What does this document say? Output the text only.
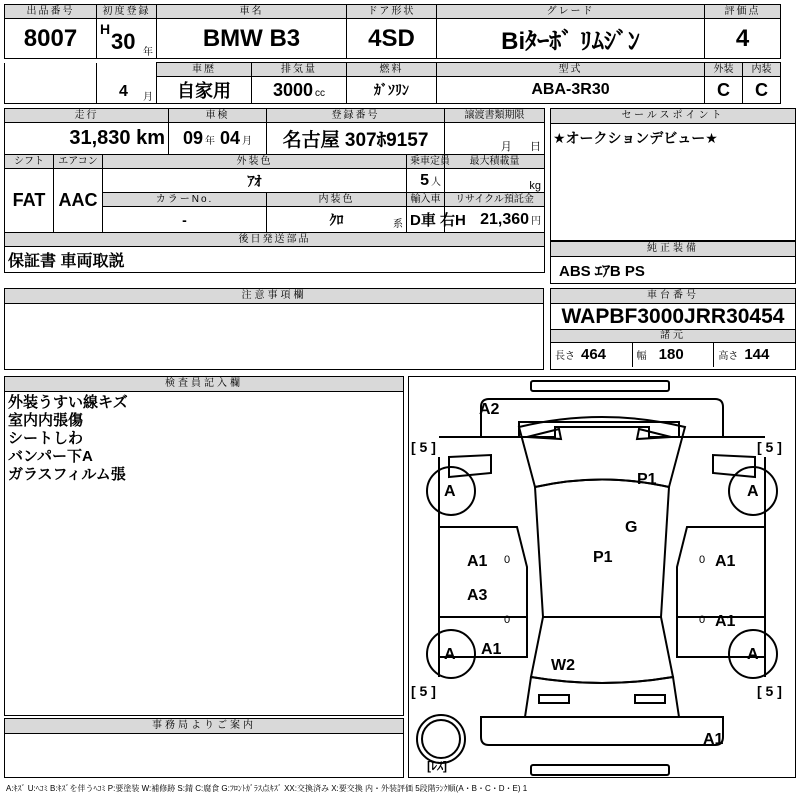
出品番号	初度登録	車名	ドア形状	グレード	評価点
8007	H 30 年	BMW B3	4SD	Biﾀｰﾎﾞ ﾘﾑｼﾞﾝ	4

	4 月	車歴	排気量	燃料	型式	外装	内装
		自家用	3000 cc	ｶﾞｿﾘﾝ	ABA-3R30	C	C
走行			車検	登録番号		譲渡書類期限
31,830 km			09 年 04 月	名古屋 307ﾎ9157		月 日
シフト	エアコン	外装色			乗車定員	最大積載量
FAT	AAC	ｱｵ			5 人	kg
		カラーNo.		内装色	輸入車	リサイクル預託金
		-		ｸﾛ 系	D車 右H	21,360 円
後日発送部品						
保証書 車両取説						
セールスポイント
★オークションデビュー★
純正装備
ABS ｴｱB PS
注意事項欄	車台番号
WAPBF3000JRR30454
諸元
長さ 464	幅 180	高さ 144
検査員記入欄
外装うすい線キズ
室内内張傷
シートしわ
バンパー下A
ガラスフィルム張
事務局よりご案内
0	0
0	0
A2
P1
G
P1
A1	A1
A3
A1
A1
W2
A1
A	A
A	A
[ 5 ]	[ 5 ]
[ 5 ]	[ 5 ]
[ﾚｽ]
A:ｷｽﾞ U:ﾍｺﾐ B:ｷｽﾞを伴うﾍｺﾐ P:要塗装 W:補修跡 S:錆 C:腐食 G:ﾌﾛﾝﾄｶﾞﾗｽ点ｷｽﾞ XX:交換済み X:要交換 内・外装評価 5段階ﾗﾝｸ順(A・B・C・D・E) 1
